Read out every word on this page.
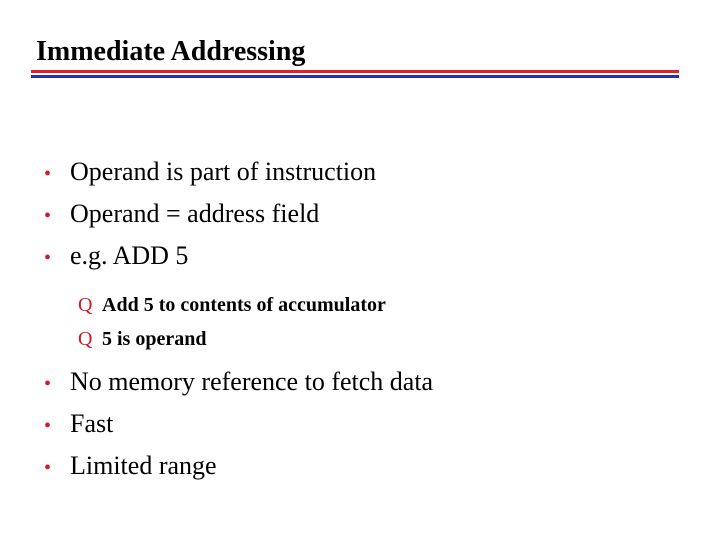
Immediate Addressing
• Operand is part of instruction
• Operand = address field
• e.g. ADD 5
Q Add 5 to contents of accumulator
Q 5 is operand
• No memory reference to fetch data
• Fast
• Limited range
